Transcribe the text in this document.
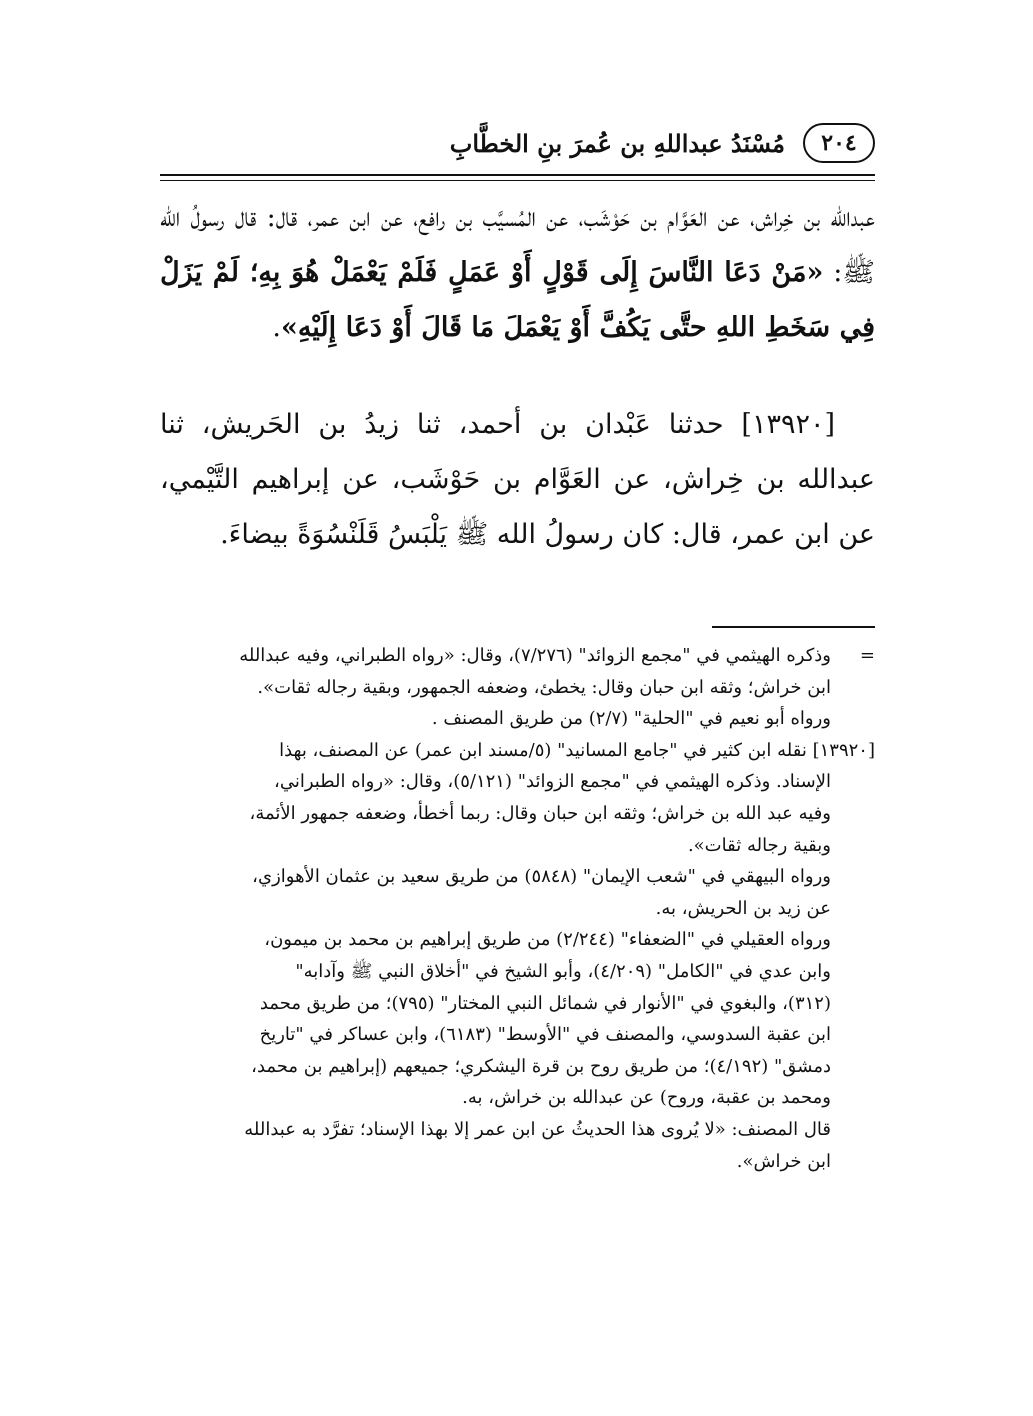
٢٠٤
مُسْنَدُ عبداللهِ بن عُمرَ بنِ الخطَّابِ

عبدالله بن خِراش، عن العَوَّام بن حَوْشَب، عن المُسيَّب بن رافع، عن ابن عمر، قال: قال رسولُ الله ﷺ: «مَنْ دَعَا النَّاسَ إِلَى قَوْلٍ أَوْ عَمَلٍ فَلَمْ يَعْمَلْ هُوَ بِهِ؛ لَمْ يَزَلْ فِي سَخَطِ اللهِ حتَّى يَكُفَّ أَوْ يَعْمَلَ مَا قَالَ أَوْ دَعَا إِلَيْهِ».

[١٣٩٢٠] حدثنا عَبْدان بن أحمد، ثنا زيدُ بن الحَريش، ثنا عبدالله بن خِراش، عن العَوَّام بن حَوْشَب، عن إبراهيم التَّيْمي، عن ابن عمر، قال: كان رسولُ الله ﷺ يَلْبَسُ قَلَنْسُوَةً بيضاءَ.

=وذكره الهيثمي في "مجمع الزوائد" (٧/٢٧٦)، وقال: «رواه الطبراني، وفيه عبدالله
ابن خراش؛ وثقه ابن حبان وقال: يخطئ، وضعفه الجمهور، وبقية رجاله ثقات».
ورواه أبو نعيم في "الحلية" (٢/٧) من طريق المصنف .
[١٣٩٢٠] نقله ابن كثير في "جامع المسانيد" (٥/مسند ابن عمر) عن المصنف، بهذا
الإسناد. وذكره الهيثمي في "مجمع الزوائد" (٥/١٢١)، وقال: «رواه الطبراني،
وفيه عبد الله بن خراش؛ وثقه ابن حبان وقال: ربما أخطأ، وضعفه جمهور الأئمة،
وبقية رجاله ثقات».
ورواه البيهقي في "شعب الإيمان" (٥٨٤٨) من طريق سعيد بن عثمان الأهوازي،
عن زيد بن الحريش، به.
ورواه العقيلي في "الضعفاء" (٢/٢٤٤) من طريق إبراهيم بن محمد بن ميمون،
وابن عدي في "الكامل" (٤/٢٠٩)، وأبو الشيخ في "أخلاق النبي ﷺ وآدابه"
(٣١٢)، والبغوي في "الأنوار في شمائل النبي المختار" (٧٩٥)؛ من طريق محمد
ابن عقبة السدوسي، والمصنف في "الأوسط" (٦١٨٣)، وابن عساكر في "تاريخ
دمشق" (٤/١٩٢)؛ من طريق روح بن قرة اليشكري؛ جميعهم (إبراهيم بن محمد،
ومحمد بن عقبة، وروح) عن عبدالله بن خراش، به.
قال المصنف: «لا يُروى هذا الحديثُ عن ابن عمر إلا بهذا الإسناد؛ تفرَّد به عبدالله
ابن خراش».
